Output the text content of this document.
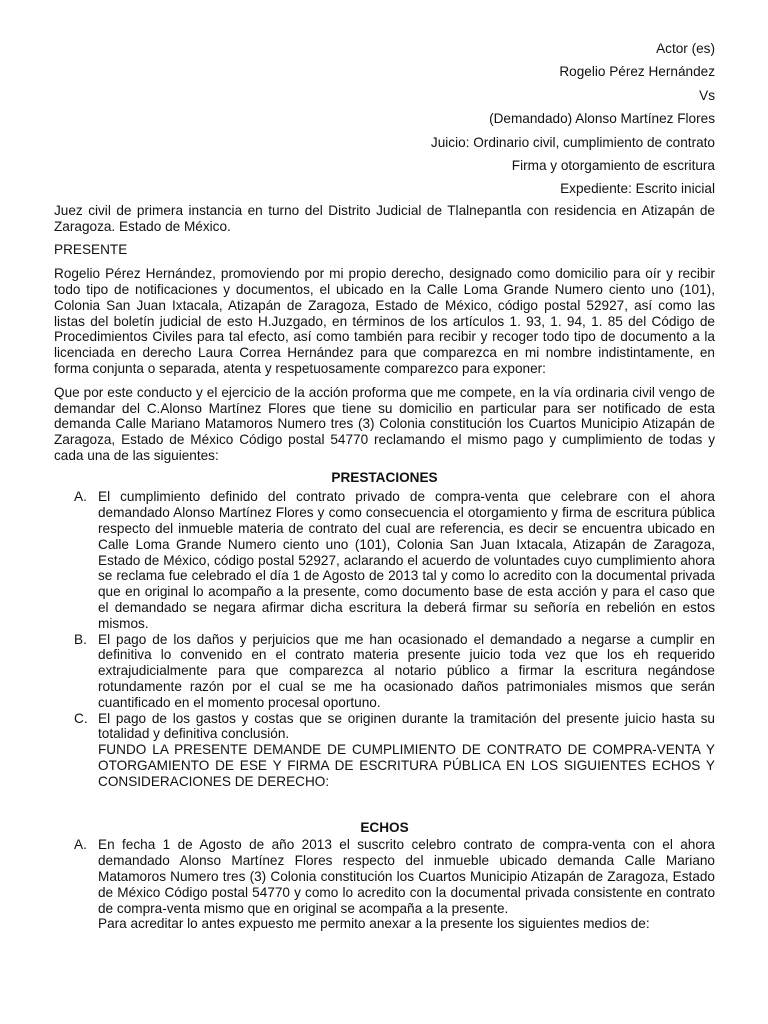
Actor (es)

Rogelio Pérez Hernández

Vs

(Demandado) Alonso Martínez Flores

Juicio: Ordinario civil, cumplimiento de contrato

Firma y otorgamiento de escritura

Expediente: Escrito inicial

Juez civil de primera instancia en turno del Distrito Judicial de Tlalnepantla con residencia en Atizapán de Zaragoza. Estado de México.

PRESENTE

Rogelio Pérez Hernández, promoviendo por mi propio derecho, designado como domicilio para oír y recibir todo tipo de notificaciones y documentos, el ubicado en la Calle Loma Grande Numero ciento uno (101), Colonia San Juan Ixtacala, Atizapán de Zaragoza, Estado de México, código postal 52927, así como las listas del boletín judicial de esto H.Juzgado, en términos de los artículos 1. 93, 1. 94, 1. 85 del Código de Procedimientos Civiles para tal efecto, así como también para recibir y recoger todo tipo de documento a la licenciada en derecho Laura Correa Hernández para que comparezca en mi nombre indistintamente, en forma conjunta o separada, atenta y respetuosamente comparezco para exponer:

Que por este conducto y el ejercicio de la acción proforma que me compete, en la vía ordinaria civil vengo de demandar del C.Alonso Martínez Flores que tiene su domicilio en particular para ser notificado de esta demanda Calle Mariano Matamoros Numero tres (3) Colonia constitución los Cuartos Municipio Atizapán de Zaragoza, Estado de México Código postal 54770 reclamando el mismo pago y cumplimiento de todas y cada una de las siguientes:

PRESTACIONES
A. El cumplimiento definido del contrato privado de compra-venta que celebrare con el ahora demandado Alonso Martínez Flores y como consecuencia el otorgamiento y firma de escritura pública respecto del inmueble materia de contrato del cual are referencia, es decir se encuentra ubicado en Calle Loma Grande Numero ciento uno (101), Colonia San Juan Ixtacala, Atizapán de Zaragoza, Estado de México, código postal 52927, aclarando el acuerdo de voluntades cuyo cumplimiento ahora se reclama fue celebrado el día 1 de Agosto de 2013 tal y como lo acredito con la documental privada que en original lo acompaño a la presente, como documento base de esta acción y para el caso que el demandado se negara afirmar dicha escritura la deberá firmar su señoría en rebelión en estos mismos.
B. El pago de los daños y perjuicios que me han ocasionado el demandado a negarse a cumplir en definitiva lo convenido en el contrato materia presente juicio toda vez que los eh requerido extrajudicialmente para que comparezca al notario público a firmar la escritura negándose rotundamente razón por el cual se me ha ocasionado daños patrimoniales mismos que serán cuantificado en el momento procesal oportuno.
C. El pago de los gastos y costas que se originen durante la tramitación del presente juicio hasta su totalidad y definitiva conclusión.

FUNDO LA PRESENTE DEMANDE DE CUMPLIMIENTO DE CONTRATO DE COMPRA-VENTA Y OTORGAMIENTO DE ESE Y FIRMA DE ESCRITURA PÚBLICA EN LOS SIGUIENTES ECHOS Y CONSIDERACIONES DE DERECHO:

ECHOS
A. En fecha 1 de Agosto de año 2013 el suscrito celebro contrato de compra-venta con el ahora demandado Alonso Martínez Flores respecto del inmueble ubicado demanda Calle Mariano Matamoros Numero tres (3) Colonia constitución los Cuartos Municipio Atizapán de Zaragoza, Estado de México Código postal 54770 y como lo acredito con la documental privada consistente en contrato de compra-venta mismo que en original se acompaña a la presente.

Para acreditar lo antes expuesto me permito anexar a la presente los siguientes medios de:
